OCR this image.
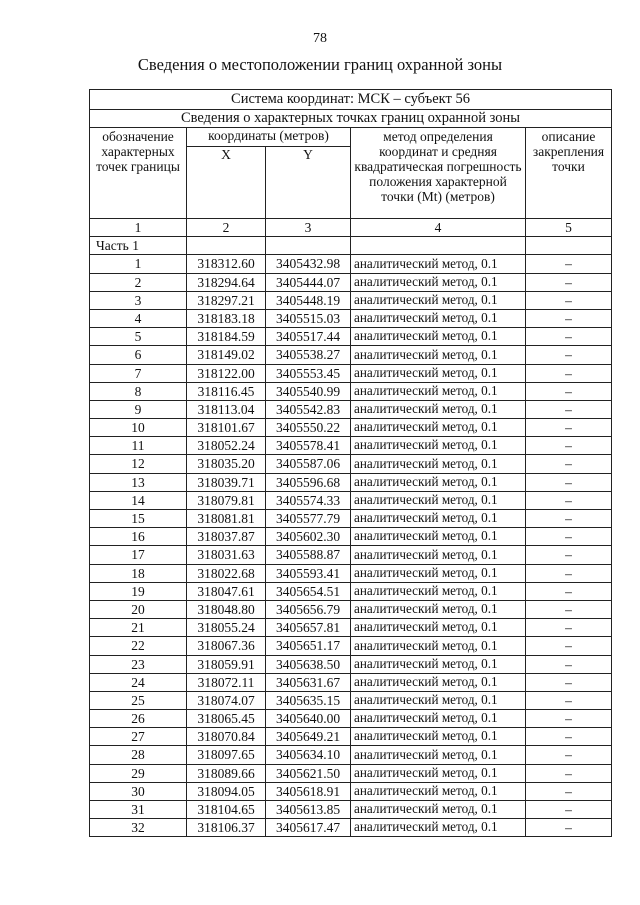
78
Сведения о местоположении границ охранной зоны
Система координат: МСК – субъект 56				
Сведения о характерных точках границ охранной зоны				
обозначение характерных точек границы	координаты (метров)		метод определения координат и средняя квадратическая погрешность положения характерной точки (Mt) (метров)	описание закрепления точки
	X	Y		
1	2	3	4	5
Часть 1				
1	318312.60	3405432.98	аналитический метод, 0.1	–
2	318294.64	3405444.07	аналитический метод, 0.1	–
3	318297.21	3405448.19	аналитический метод, 0.1	–
4	318183.18	3405515.03	аналитический метод, 0.1	–
5	318184.59	3405517.44	аналитический метод, 0.1	–
6	318149.02	3405538.27	аналитический метод, 0.1	–
7	318122.00	3405553.45	аналитический метод, 0.1	–
8	318116.45	3405540.99	аналитический метод, 0.1	–
9	318113.04	3405542.83	аналитический метод, 0.1	–
10	318101.67	3405550.22	аналитический метод, 0.1	–
11	318052.24	3405578.41	аналитический метод, 0.1	–
12	318035.20	3405587.06	аналитический метод, 0.1	–
13	318039.71	3405596.68	аналитический метод, 0.1	–
14	318079.81	3405574.33	аналитический метод, 0.1	–
15	318081.81	3405577.79	аналитический метод, 0.1	–
16	318037.87	3405602.30	аналитический метод, 0.1	–
17	318031.63	3405588.87	аналитический метод, 0.1	–
18	318022.68	3405593.41	аналитический метод, 0.1	–
19	318047.61	3405654.51	аналитический метод, 0.1	–
20	318048.80	3405656.79	аналитический метод, 0.1	–
21	318055.24	3405657.81	аналитический метод, 0.1	–
22	318067.36	3405651.17	аналитический метод, 0.1	–
23	318059.91	3405638.50	аналитический метод, 0.1	–
24	318072.11	3405631.67	аналитический метод, 0.1	–
25	318074.07	3405635.15	аналитический метод, 0.1	–
26	318065.45	3405640.00	аналитический метод, 0.1	–
27	318070.84	3405649.21	аналитический метод, 0.1	–
28	318097.65	3405634.10	аналитический метод, 0.1	–
29	318089.66	3405621.50	аналитический метод, 0.1	–
30	318094.05	3405618.91	аналитический метод, 0.1	–
31	318104.65	3405613.85	аналитический метод, 0.1	–
32	318106.37	3405617.47	аналитический метод, 0.1	–
